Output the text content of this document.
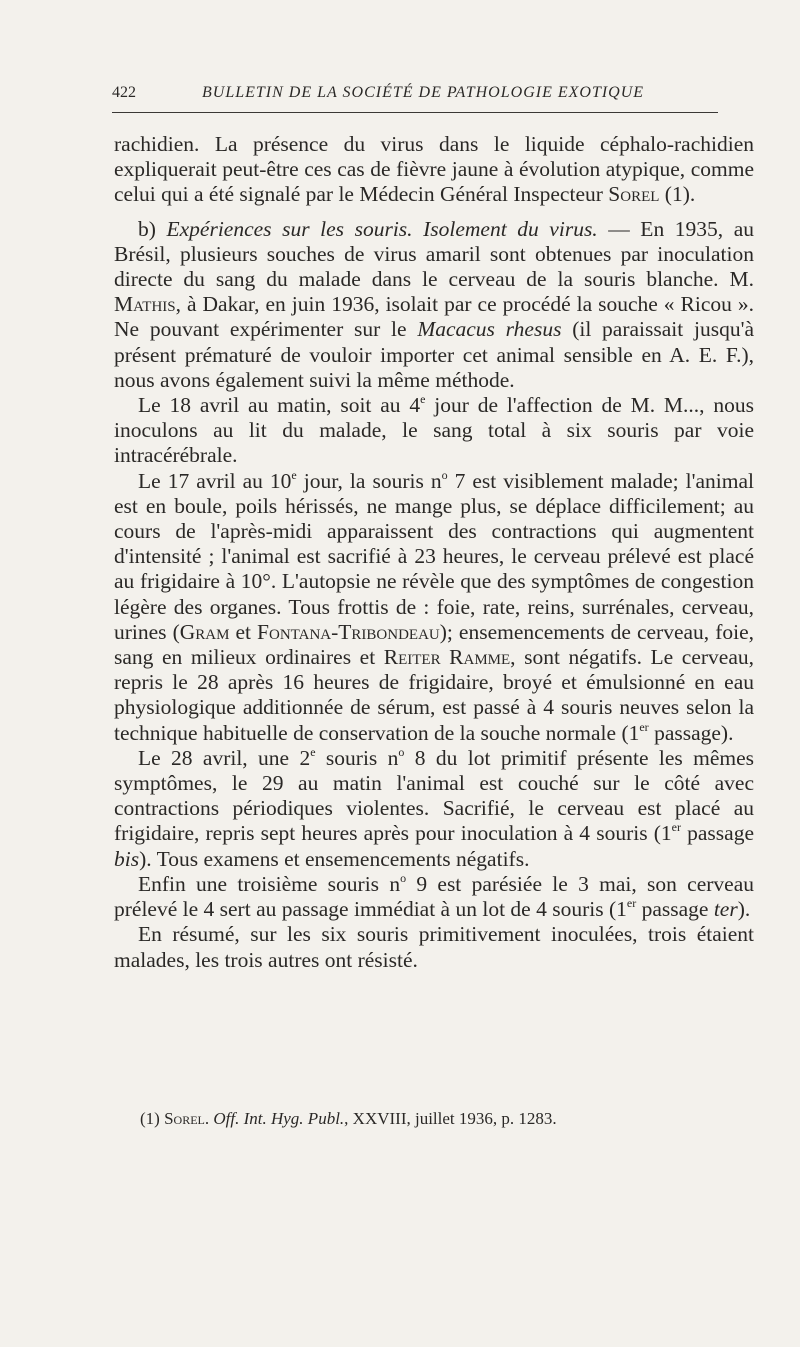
422	BULLETIN DE LA SOCIÉTÉ DE PATHOLOGIE EXOTIQUE

rachidien. La présence du virus dans le liquide céphalo-rachidien expliquerait peut-être ces cas de fièvre jaune à évolution atypique, comme celui qui a été signalé par le Médecin Général Inspecteur Sorel (1).

b) Expériences sur les souris. Isolement du virus. — En 1935, au Brésil, plusieurs souches de virus amaril sont obtenues par inoculation directe du sang du malade dans le cerveau de la souris blanche. M. Mathis, à Dakar, en juin 1936, isolait par ce procédé la souche « Ricou ». Ne pouvant expérimenter sur le Macacus rhesus (il paraissait jusqu'à présent prématuré de vouloir importer cet animal sensible en A. E. F.), nous avons également suivi la même méthode.

Le 18 avril au matin, soit au 4e jour de l'affection de M. M..., nous inoculons au lit du malade, le sang total à six souris par voie intracérébrale.

Le 17 avril au 10e jour, la souris $n^o$ 7 est visiblement malade; l'animal est en boule, poils hérissés, ne mange plus, se déplace difficilement; au cours de l'après-midi apparaissent des contractions qui augmentent d'intensité ; l'animal est sacrifié à 23 heures, le cerveau prélevé est placé au frigidaire à 10°. L'autopsie ne révèle que des symptômes de congestion légère des organes. Tous frottis de : foie, rate, reins, surrénales, cerveau, urines (Gram et Fontana-Tribondeau); ensemencements de cerveau, foie, sang en milieux ordinaires et Reiter Ramme, sont négatifs. Le cerveau, repris le 28 après 16 heures de frigidaire, broyé et émulsionné en eau physiologique additionnée de sérum, est passé à 4 souris neuves selon la technique habituelle de conservation de la souche normale (1er passage).

Le 28 avril, une 2e souris $n^o$ 8 du lot primitif présente les mêmes symptômes, le 29 au matin l'animal est couché sur le côté avec contractions périodiques violentes. Sacrifié, le cerveau est placé au frigidaire, repris sept heures après pour inoculation à 4 souris (1er passage bis). Tous examens et ensemencements négatifs.

Enfin une troisième souris $n^o$ 9 est parésiée le 3 mai, son cerveau prélevé le 4 sert au passage immédiat à un lot de 4 souris (1er passage ter).

En résumé, sur les six souris primitivement inoculées, trois étaient malades, les trois autres ont résisté.

(1) Sorel. Off. Int. Hyg. Publ., XXVIII, juillet 1936, p. 1283.
